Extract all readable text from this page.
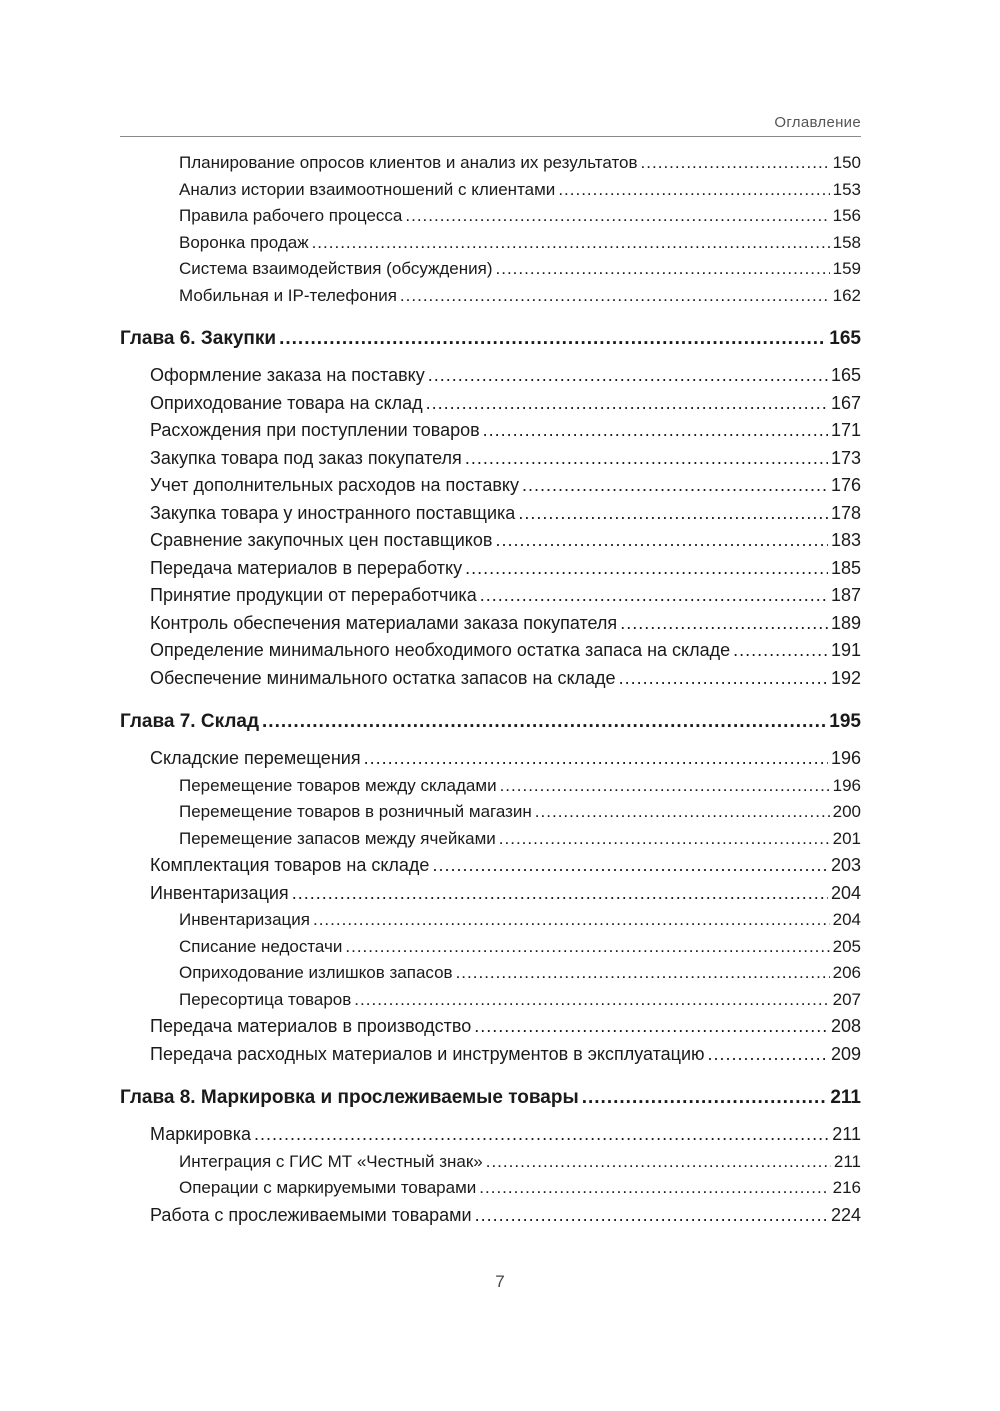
Оглавление
Планирование опросов клиентов и анализ их результатов .....	150
Анализ истории взаимоотношений с клиентами .....	153
Правила рабочего процесса .....	156
Воронка продаж .....	158
Система взаимодействия (обсуждения) .....	159
Мобильная и IP-телефония .....	162
Глава 6. Закупки .....	165
Оформление заказа на поставку .....	165
Оприходование товара на склад .....	167
Расхождения при поступлении товаров .....	171
Закупка товара под заказ покупателя .....	173
Учет дополнительных расходов на поставку .....	176
Закупка товара у иностранного поставщика .....	178
Сравнение закупочных цен поставщиков .....	183
Передача материалов в переработку .....	185
Принятие продукции от переработчика .....	187
Контроль обеспечения материалами заказа покупателя .....	189
Определение минимального необходимого остатка запаса на складе .....	191
Обеспечение минимального остатка запасов на складе .....	192
Глава 7. Склад .....	195
Складские перемещения .....	196
Перемещение товаров между складами .....	196
Перемещение товаров в розничный магазин .....	200
Перемещение запасов между ячейками .....	201
Комплектация товаров на складе .....	203
Инвентаризация .....	204
Инвентаризация .....	204
Списание недостачи .....	205
Оприходование излишков запасов .....	206
Пересортица товаров .....	207
Передача материалов в производство .....	208
Передача расходных материалов и инструментов в эксплуатацию .....	209
Глава 8. Маркировка и прослеживаемые товары .....	211
Маркировка .....	211
Интеграция с ГИС МТ «Честный знак» .....	211
Операции с маркируемыми товарами .....	216
Работа с прослеживаемыми товарами .....	224
7
